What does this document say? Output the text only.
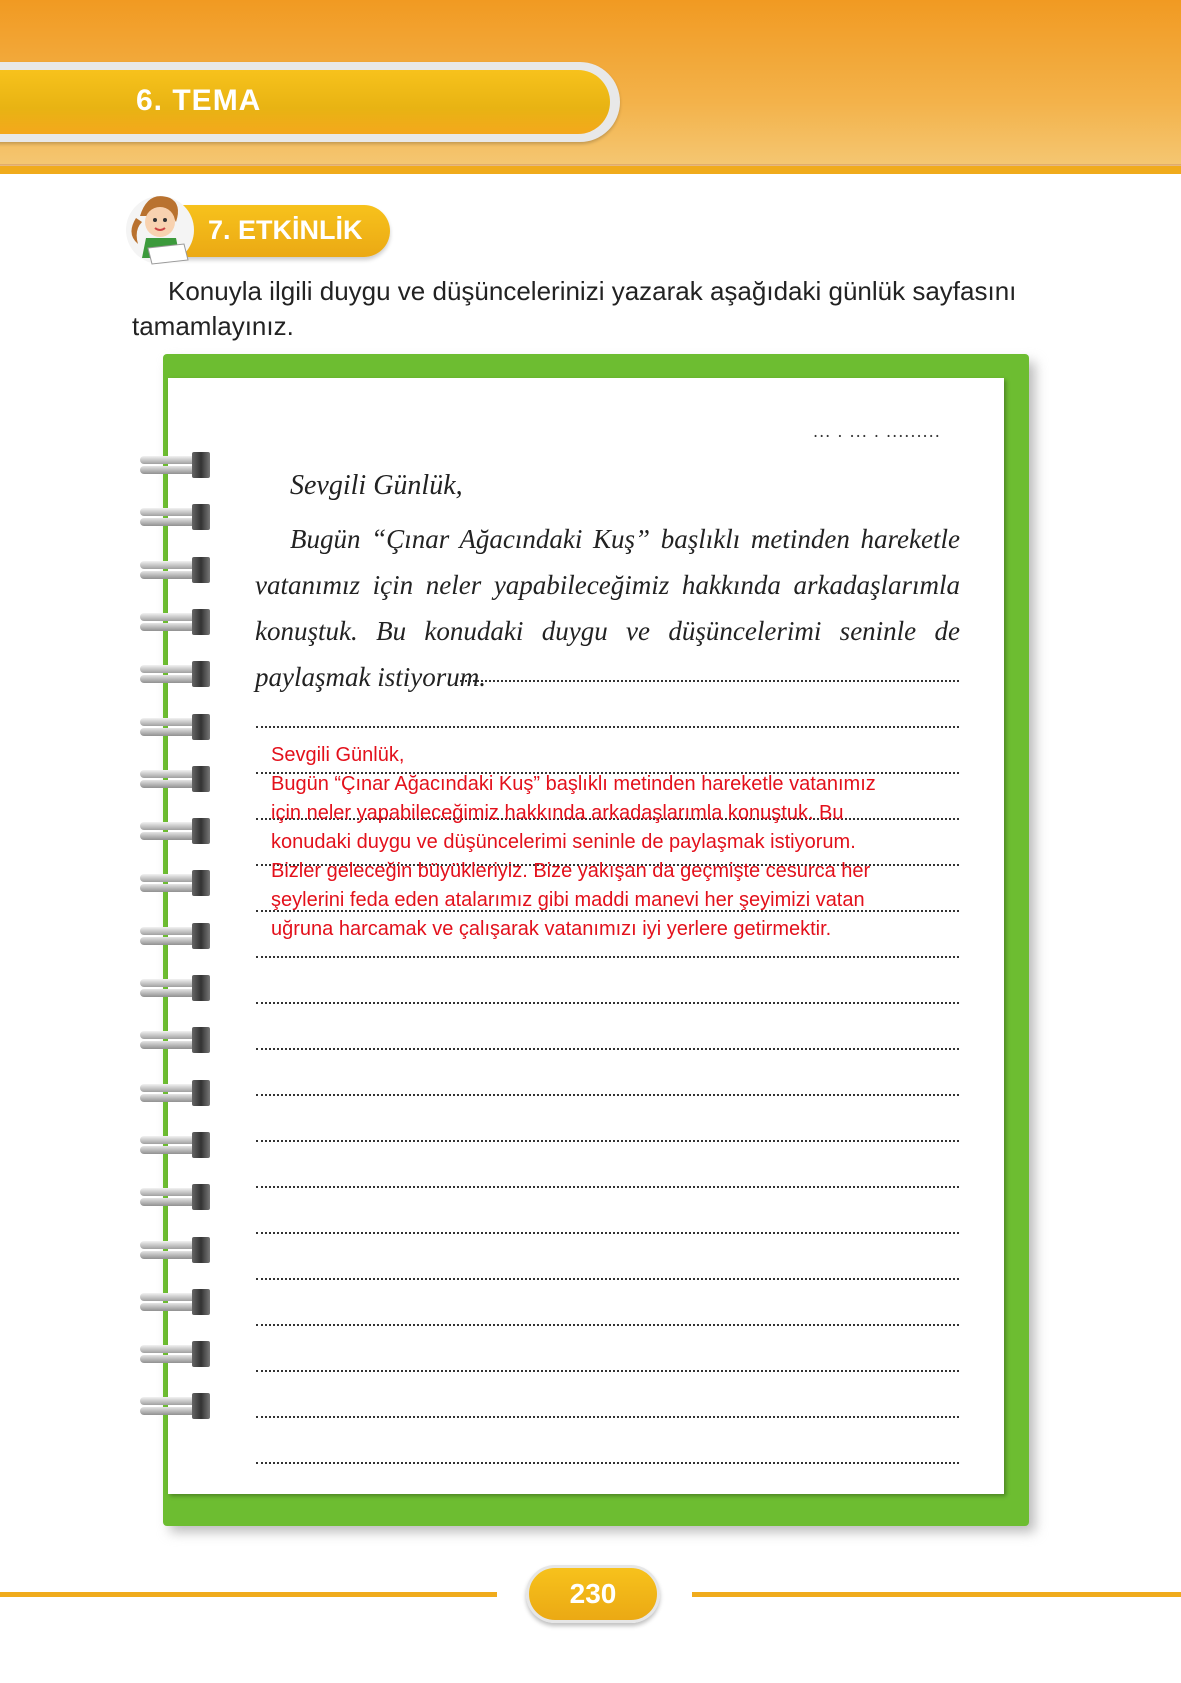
6. TEMA
7. ETKİNLİK
Konuyla ilgili duygu ve düşüncelerinizi yazarak aşağıdaki günlük sayfasını tamamlayınız.
... . ... . .........
Sevgili Günlük,
Bugün “Çınar Ağacındaki Kuş” başlıklı metinden hareketle vatanımız için neler yapabileceğimiz hakkında arkadaşlarımla konuştuk. Bu konudaki duygu ve düşüncelerimi seninle de paylaşmak istiyorum.
Sevgili Günlük,
Bugün “Çınar Ağacındaki Kuş” başlıklı metinden hareketle vatanımız
için neler yapabileceğimiz hakkında arkadaşlarımla konuştuk. Bu
konudaki duygu ve düşüncelerimi seninle de paylaşmak istiyorum.
Bizler geleceğin büyükleriyiz. Bize yakışan da geçmişte cesurca her
şeylerini feda eden atalarımız gibi maddi manevi her şeyimizi vatan
uğruna harcamak ve çalışarak vatanımızı iyi yerlere getirmektir.
230
